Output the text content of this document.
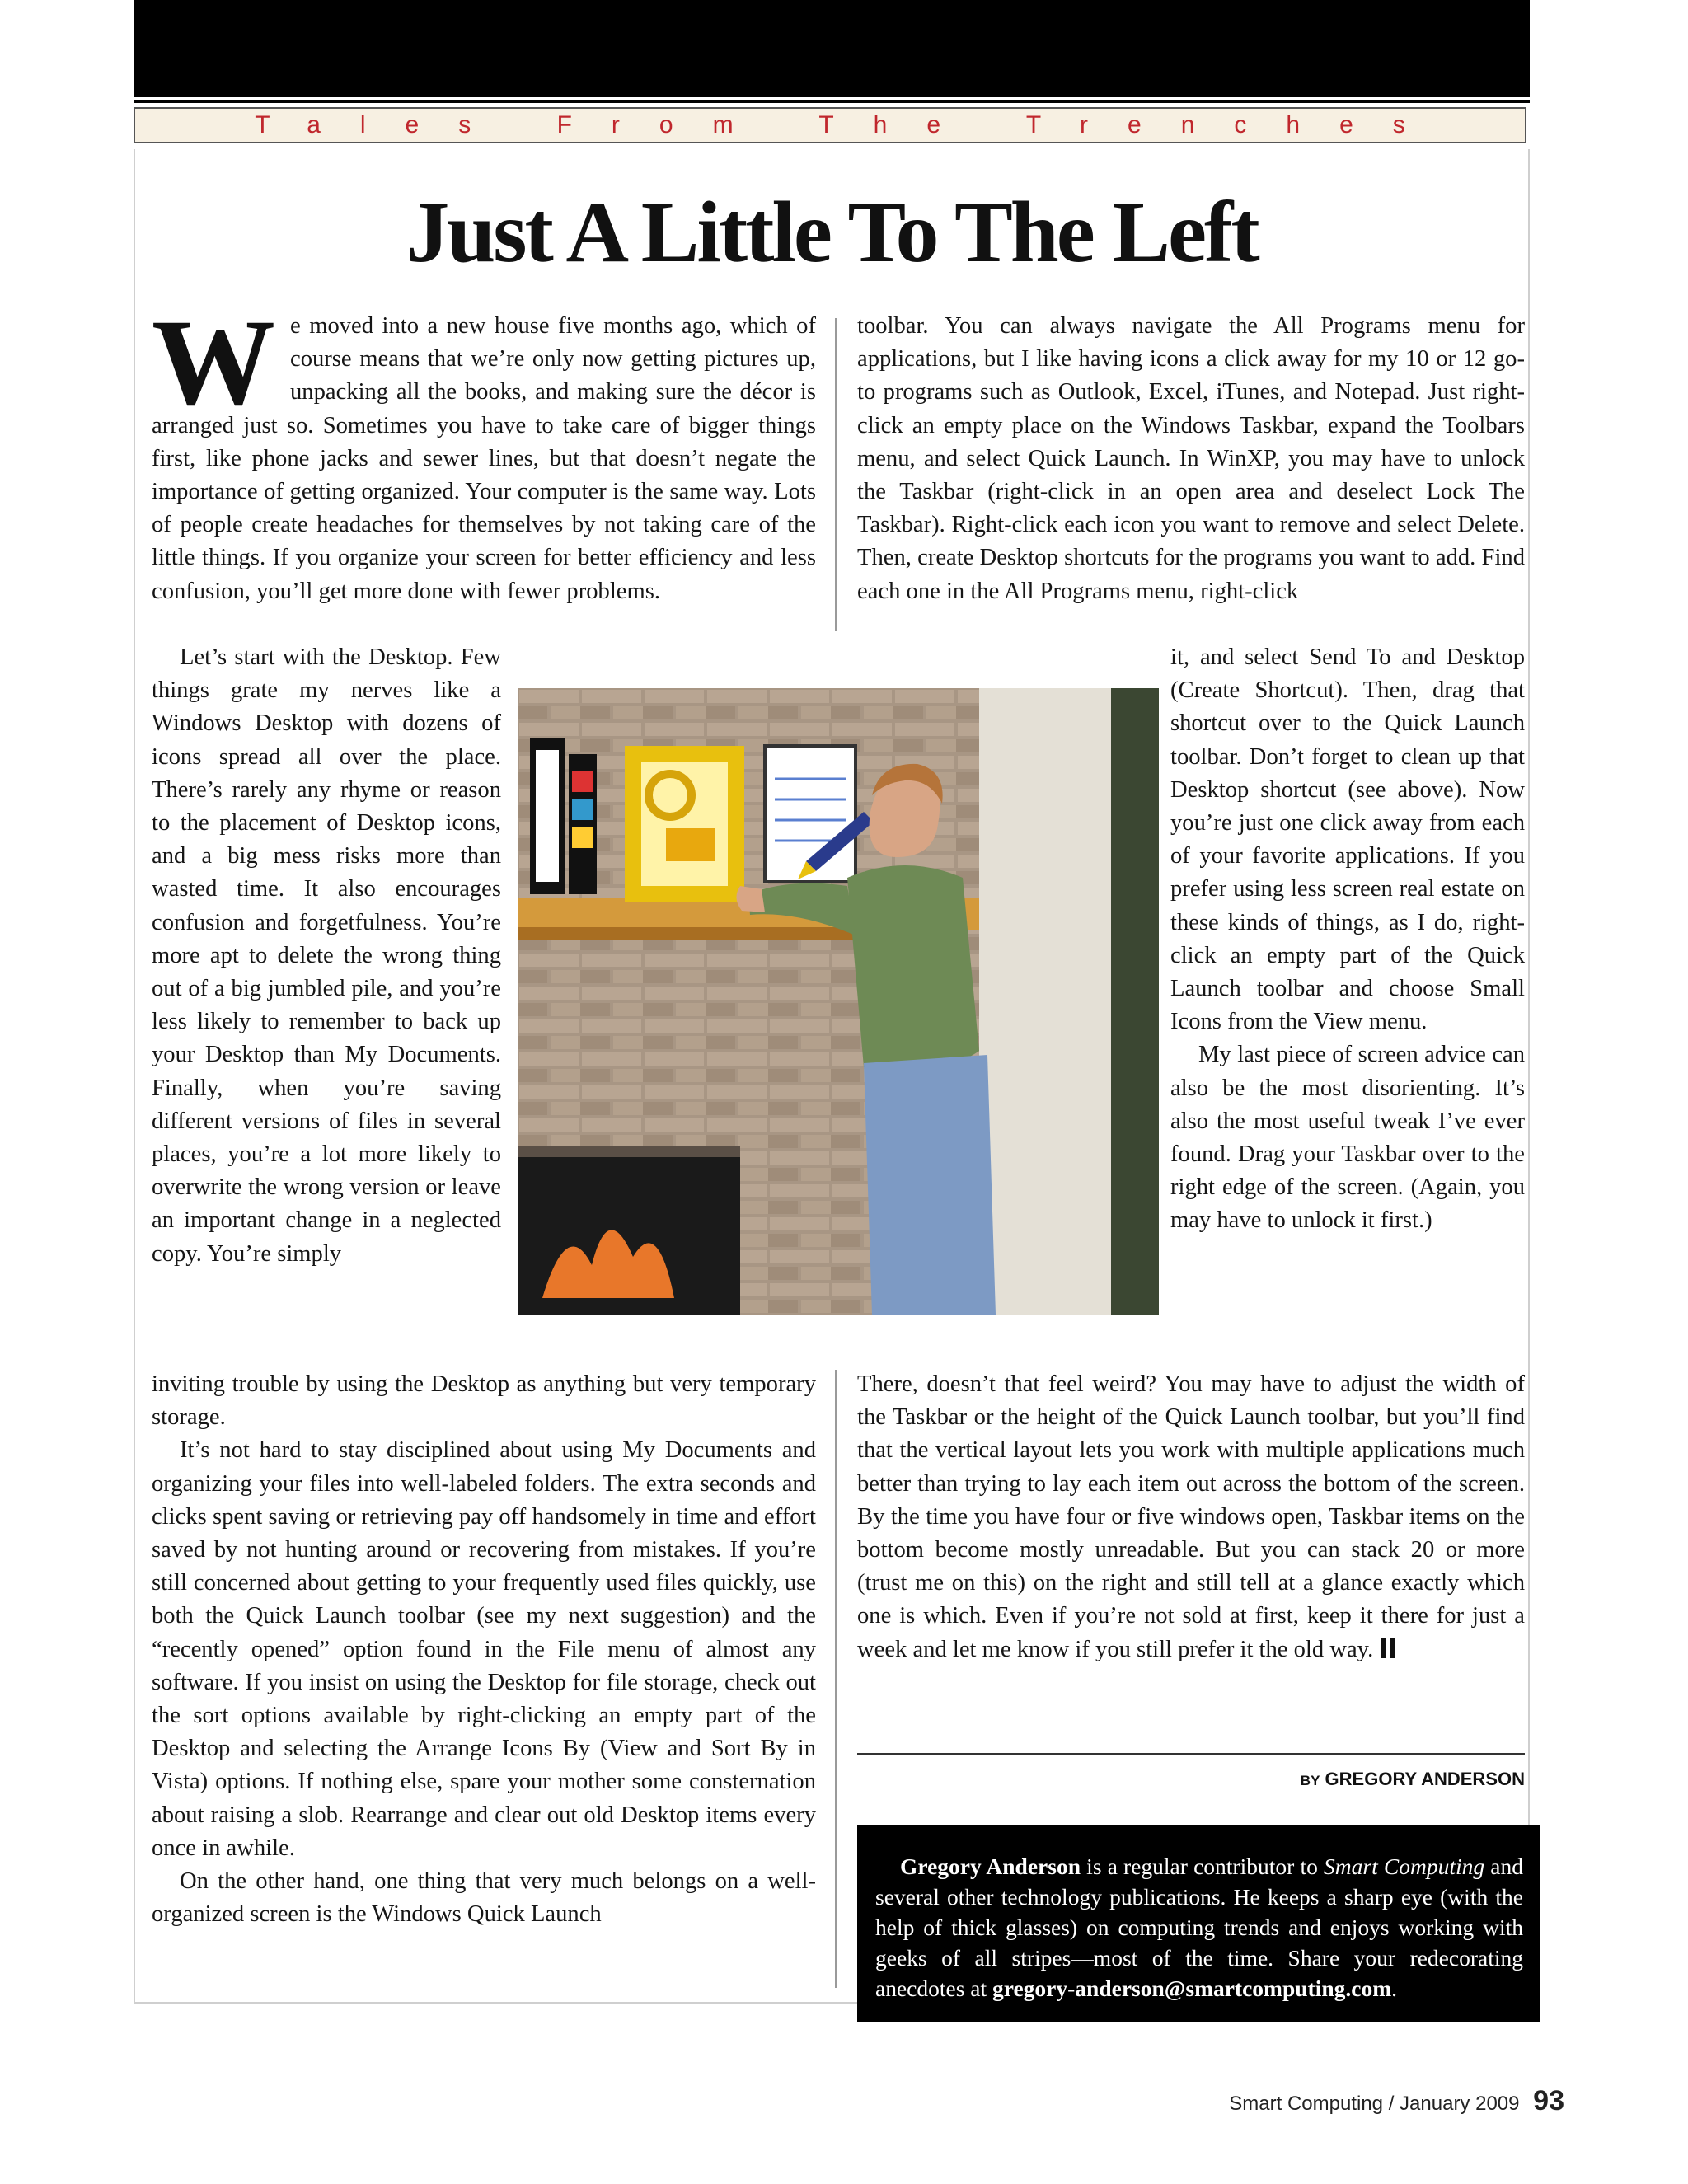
Tales From The Trenches
Just A Little To The Left

We moved into a new house five months ago, which of course means that we’re only now getting pictures up, unpacking all the books, and making sure the décor is arranged just so. Sometimes you have to take care of bigger things first, like phone jacks and sewer lines, but that doesn’t negate the importance of getting organized. Your computer is the same way. Lots of people create headaches for themselves by not taking care of the little things. If you organize your screen for better efficiency and less confusion, you’ll get more done with fewer problems.

Let’s start with the Desktop. Few things grate my nerves like a Windows Desktop with dozens of icons spread all over the place. There’s rarely any rhyme or reason to the placement of Desktop icons, and a big mess risks more than wasted time. It also encourages confusion and forgetfulness. You’re more apt to delete the wrong thing out of a big jumbled pile, and you’re less likely to remember to back up your Desktop than My Documents. Finally, when you’re saving different versions of files in several places, you’re a lot more likely to overwrite the wrong version or leave an important change in a neglected copy. You’re simply

inviting trouble by using the Desktop as anything but very temporary storage.

It’s not hard to stay disciplined about using My Documents and organizing your files into well-labeled folders. The extra seconds and clicks spent saving or retrieving pay off handsomely in time and effort saved by not hunting around or recovering from mistakes. If you’re still concerned about getting to your frequently used files quickly, use both the Quick Launch toolbar (see my next suggestion) and the “recently opened” option found in the File menu of almost any software. If you insist on using the Desktop for file storage, check out the sort options available by right-clicking an empty part of the Desktop and selecting the Arrange Icons By (View and Sort By in Vista) options. If nothing else, spare your mother some consternation about raising a slob. Rearrange and clear out old Desktop items every once in awhile.

On the other hand, one thing that very much belongs on a well-organized screen is the Windows Quick Launch

toolbar. You can always navigate the All Programs menu for applications, but I like having icons a click away for my 10 or 12 go-to programs such as Outlook, Excel, iTunes, and Notepad. Just right-click an empty place on the Windows Taskbar, expand the Toolbars menu, and select Quick Launch. In WinXP, you may have to unlock the Taskbar (right-click in an open area and deselect Lock The Taskbar). Right-click each icon you want to remove and select Delete. Then, create Desktop shortcuts for the programs you want to add. Find each one in the All Programs menu, right-click

it, and select Send To and Desktop (Create Shortcut). Then, drag that shortcut over to the Quick Launch toolbar. Don’t forget to clean up that Desktop shortcut (see above). Now you’re just one click away from each of your favorite applications. If you prefer using less screen real estate on these kinds of things, as I do, right-click an empty part of the Quick Launch toolbar and choose Small Icons from the View menu.

My last piece of screen advice can also be the most disorienting. It’s also the most useful tweak I’ve ever found. Drag your Taskbar over to the right edge of the screen. (Again, you may have to unlock it first.)

There, doesn’t that feel weird? You may have to adjust the width of the Taskbar or the height of the Quick Launch toolbar, but you’ll find that the vertical layout lets you work with multiple applications much better than trying to lay each item out across the bottom of the screen. By the time you have four or five windows open, Taskbar items on the bottom become mostly unreadable. But you can stack 20 or more (trust me on this) on the right and still tell at a glance exactly which one is which. Even if you’re not sold at first, keep it there for just a week and let me know if you still prefer it the old way.

BY GREGORY ANDERSON

Gregory Anderson is a regular contributor to Smart Computing and several other technology publications. He keeps a sharp eye (with the help of thick glasses) on computing trends and enjoys working with geeks of all stripes—most of the time. Share your redecorating anecdotes at gregory-anderson@smartcomputing.com.

Smart Computing / January 2009 93
